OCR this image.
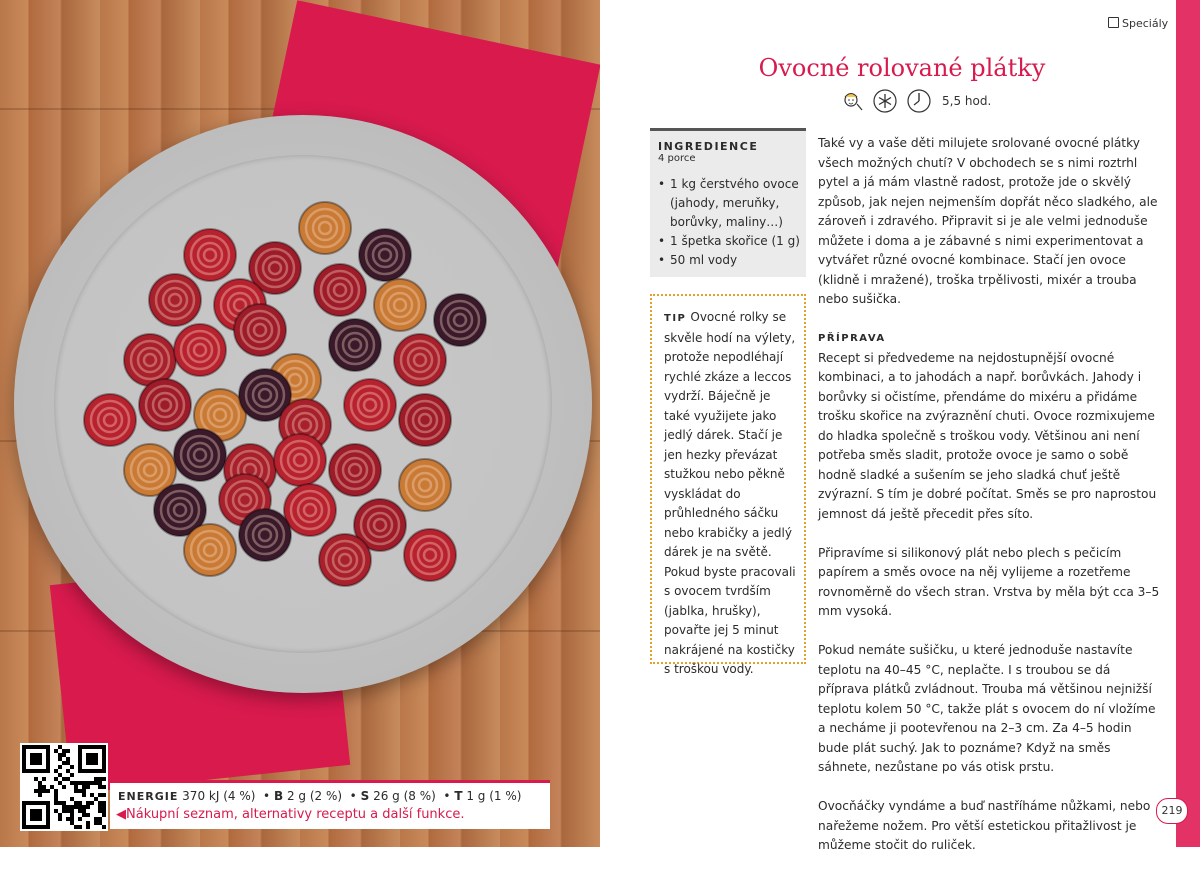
ENERGIE 370 kJ (4 %)  • B 2 g (2 %)  • S 26 g (8 %)  • T 1 g (1 %)
◀Nákupní seznam, alternativy receptu a další funkce.
Speciály
Ovocné rolované plátky
5,5 hod.
INGREDIENCE
4 porce
• 1 kg čerstvého ovoce (jahody, meruňky, borůvky, maliny…)
• 1 špetka skořice (1 g)
• 50 ml vody
TIP Ovocné rolky se skvěle hodí na výlety, protože nepodléhají rychlé zkáze a leccos vydrží. Báječně je také využijete jako jedlý dárek. Stačí je jen hezky převázat stužkou nebo pěkně vyskládat do průhledného sáčku nebo krabičky a jedlý dárek je na světě. Pokud byste pracovali s ovocem tvrdším (jablka, hrušky), povařte jej 5 minut nakrájené na kostičky s troškou vody.

Také vy a vaše děti milujete srolované ovocné plátky všech možných chutí? V obchodech se s nimi roztrhl pytel a já mám vlastně radost, protože jde o skvělý způsob, jak nejen nejmenším dopřát něco sladkého, ale zároveň i zdravého. Připravit si je ale velmi jednoduše můžete i doma a je zábavné s nimi experimentovat a vytvářet různé ovocné kombinace. Stačí jen ovoce (klidně i mražené), troška trpělivosti, mixér a trouba nebo sušička.

PŘÍPRAVA

Recept si předvedeme na nejdostupnější ovocné kombinaci, a to jahodách a např. borůvkách. Jahody i borůvky si očistíme, přendáme do mixéru a přidáme trošku skořice na zvýraznění chuti. Ovoce rozmixujeme do hladka společně s troškou vody. Většinou ani není potřeba směs sladit, protože ovoce je samo o sobě hodně sladké a sušením se jeho sladká chuť ještě zvýrazní. S tím je dobré počítat. Směs se pro naprostou jemnost dá ještě přecedit přes síto.

Připravíme si silikonový plát nebo plech s pečicím papírem a směs ovoce na něj vylijeme a rozetřeme rovnoměrně do všech stran. Vrstva by měla být cca 3–5 mm vysoká.

Pokud nemáte sušičku, u které jednoduše nastavíte teplotu na 40–45 °C, neplačte. I s troubou se dá příprava plátků zvládnout. Trouba má většinou nejnižší teplotu kolem 50 °C, takže plát s ovocem do ní vložíme a necháme ji pootevřenou na 2–3 cm. Za 4–5 hodin bude plát suchý. Jak to poznáme? Když na směs sáhnete, nezůstane po vás otisk prstu.

Ovocňáčky vyndáme a buď nastříháme nůžkami, nebo nařežeme nožem. Pro větší estetickou přitažlivost je můžeme stočit do ruliček.

219
